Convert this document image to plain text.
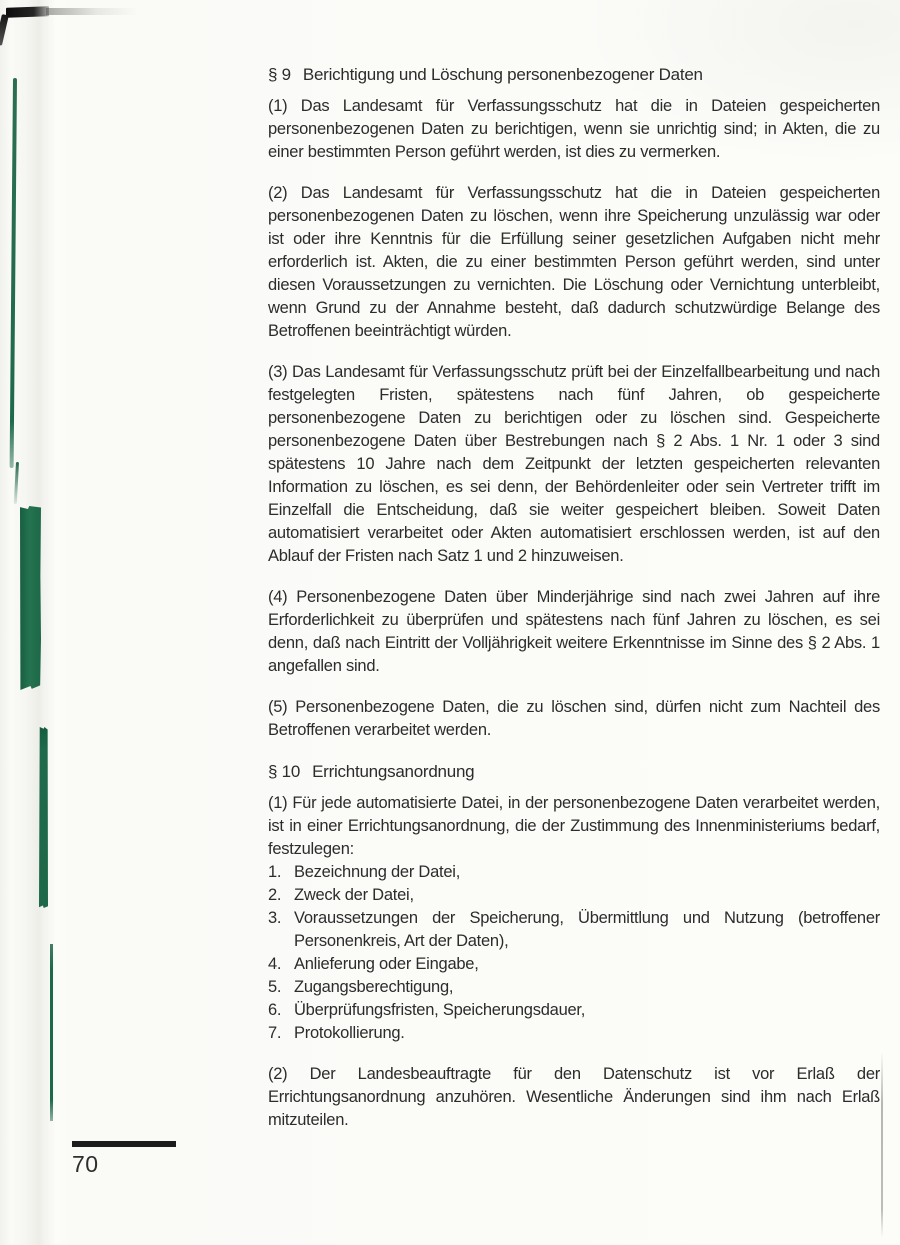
§ 9 Berichtigung und Löschung personenbezogener Daten

(1) Das Landesamt für Verfassungsschutz hat die in Dateien gespeicherten personenbezogenen Daten zu berichtigen, wenn sie unrichtig sind; in Akten, die zu einer bestimmten Person geführt werden, ist dies zu vermerken.

(2) Das Landesamt für Verfassungsschutz hat die in Dateien gespeicherten personenbezogenen Daten zu löschen, wenn ihre Speicherung unzulässig war oder ist oder ihre Kenntnis für die Erfüllung seiner gesetzlichen Aufgaben nicht mehr erforderlich ist. Akten, die zu einer bestimmten Person geführt werden, sind unter diesen Voraussetzungen zu vernichten. Die Löschung oder Vernichtung unterbleibt, wenn Grund zu der Annahme besteht, daß dadurch schutzwürdige Belange des Betroffenen beeinträchtigt würden.

(3) Das Landesamt für Verfassungsschutz prüft bei der Einzelfallbearbeitung und nach festgelegten Fristen, spätestens nach fünf Jahren, ob gespeicherte personenbezogene Daten zu berichtigen oder zu löschen sind. Gespeicherte personenbezogene Daten über Bestrebungen nach § 2 Abs. 1 Nr. 1 oder 3 sind spätestens 10 Jahre nach dem Zeitpunkt der letzten gespeicherten relevanten Information zu löschen, es sei denn, der Behördenleiter oder sein Vertreter trifft im Einzelfall die Entscheidung, daß sie weiter gespeichert bleiben. Soweit Daten automatisiert verarbeitet oder Akten automatisiert erschlossen werden, ist auf den Ablauf der Fristen nach Satz 1 und 2 hinzuweisen.

(4) Personenbezogene Daten über Minderjährige sind nach zwei Jahren auf ihre Erforderlichkeit zu überprüfen und spätestens nach fünf Jahren zu löschen, es sei denn, daß nach Eintritt der Volljährigkeit weitere Erkenntnisse im Sinne des § 2 Abs. 1 angefallen sind.

(5) Personenbezogene Daten, die zu löschen sind, dürfen nicht zum Nachteil des Betroffenen verarbeitet werden.

§ 10 Errichtungsanordnung

(1) Für jede automatisierte Datei, in der personenbezogene Daten verarbeitet werden, ist in einer Errichtungsanordnung, die der Zustimmung des Innenministeriums bedarf, festzulegen:

1. Bezeichnung der Datei,
2. Zweck der Datei,
3. Voraussetzungen der Speicherung, Übermittlung und Nutzung (betroffener Personenkreis, Art der Daten),
4. Anlieferung oder Eingabe,
5. Zugangsberechtigung,
6. Überprüfungsfristen, Speicherungsdauer,
7. Protokollierung.

(2) Der Landesbeauftragte für den Datenschutz ist vor Erlaß der Errichtungsanordnung anzuhören. Wesentliche Änderungen sind ihm nach Erlaß mitzuteilen.

70
